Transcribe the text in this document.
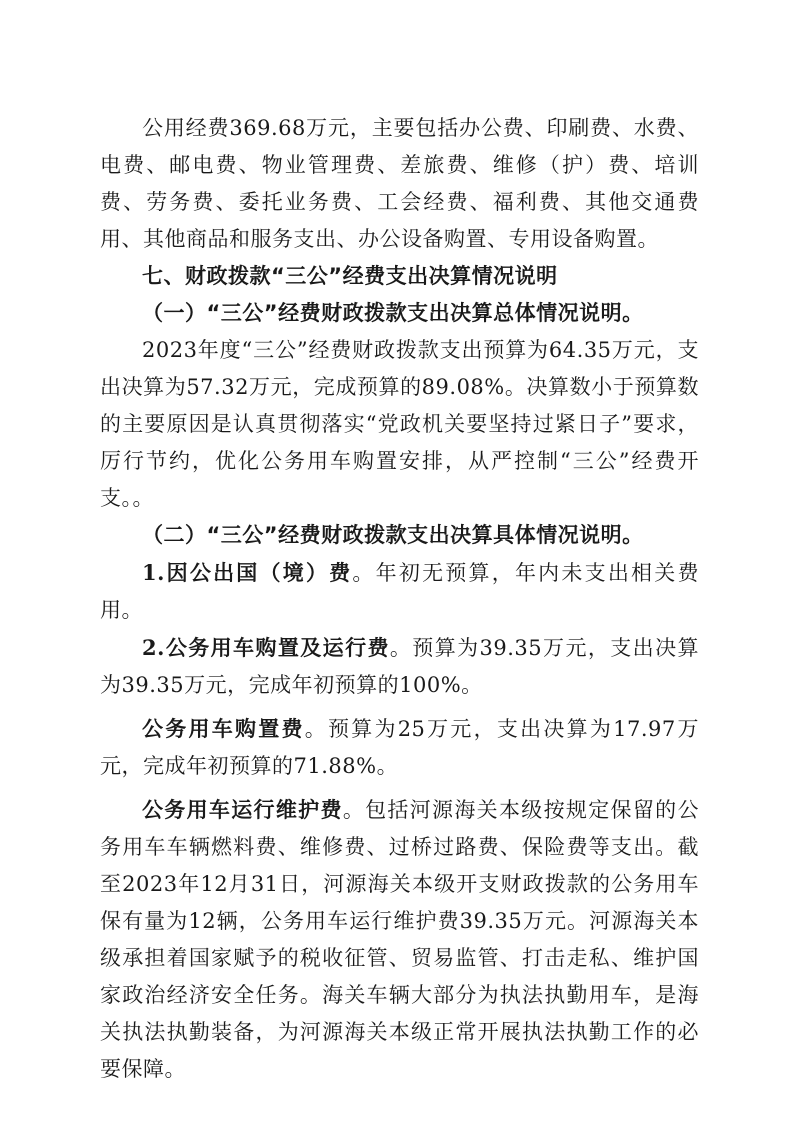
公用经费369.68万元，主要包括办公费、印刷费、水费、电费、邮电费、物业管理费、差旅费、维修（护）费、培训费、劳务费、委托业务费、工会经费、福利费、其他交通费用、其他商品和服务支出、办公设备购置、专用设备购置。

七、财政拨款“三公”经费支出决算情况说明

（一）“三公”经费财政拨款支出决算总体情况说明。

2023年度“三公”经费财政拨款支出预算为64.35万元，支出决算为57.32万元，完成预算的89.08%。决算数小于预算数的主要原因是认真贯彻落实“党政机关要坚持过紧日子”要求，厉行节约，优化公务用车购置安排，从严控制“三公”经费开支。。

（二）“三公”经费财政拨款支出决算具体情况说明。

1.因公出国（境）费。年初无预算，年内未支出相关费用。

2.公务用车购置及运行费。预算为39.35万元，支出决算为39.35万元，完成年初预算的100%。

公务用车购置费。预算为25万元，支出决算为17.97万元，完成年初预算的71.88%。

公务用车运行维护费。包括河源海关本级按规定保留的公务用车车辆燃料费、维修费、过桥过路费、保险费等支出。截至2023年12月31日，河源海关本级开支财政拨款的公务用车保有量为12辆，公务用车运行维护费39.35万元。河源海关本级承担着国家赋予的税收征管、贸易监管、打击走私、维护国家政治经济安全任务。海关车辆大部分为执法执勤用车，是海关执法执勤装备，为河源海关本级正常开展执法执勤工作的必要保障。
